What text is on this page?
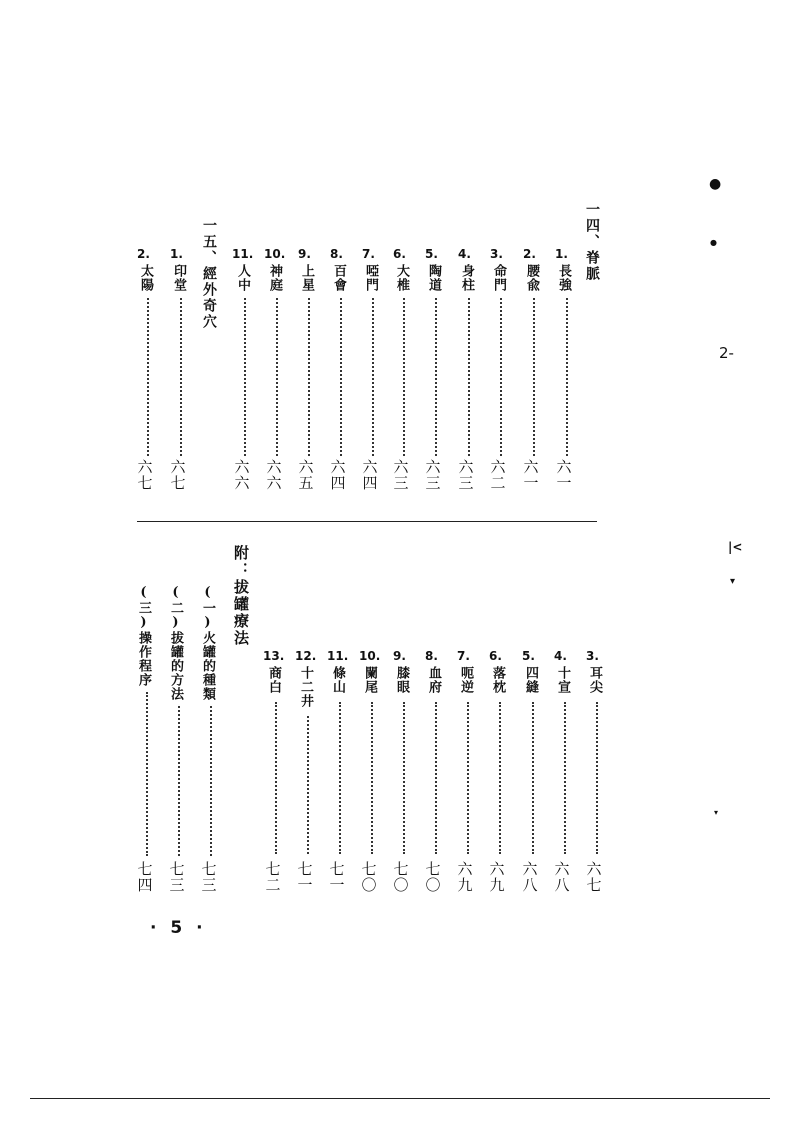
一四、脊脈
1.
長強
六一
2.
腰兪
六一
3.
命門
六二
4.
身柱
六三
5.
陶道
六三
6.
大椎
六三
7.
啞門
六四
8.
百會
六四
9.
上星
六五
10.
神庭
六六
11.
人中
六六
一五、經外奇穴
1.
印堂
六七
2.
太陽
六七
3.
耳尖
六七
4.
十宣
六八
5.
四縫
六八
6.
落枕
六九
7.
呃逆
六九
8.
血府
七〇
9.
膝眼
七〇
10.
闌尾
七〇
11.
條山
七一
12.
十二井
七一
13.
商白
七二
附：拔罐療法
(一)火罐的種類
七三
(二)拔罐的方法
七三
(三)操作程序
七四
· 5 ·
●
●
2-
|<
▾
▾
